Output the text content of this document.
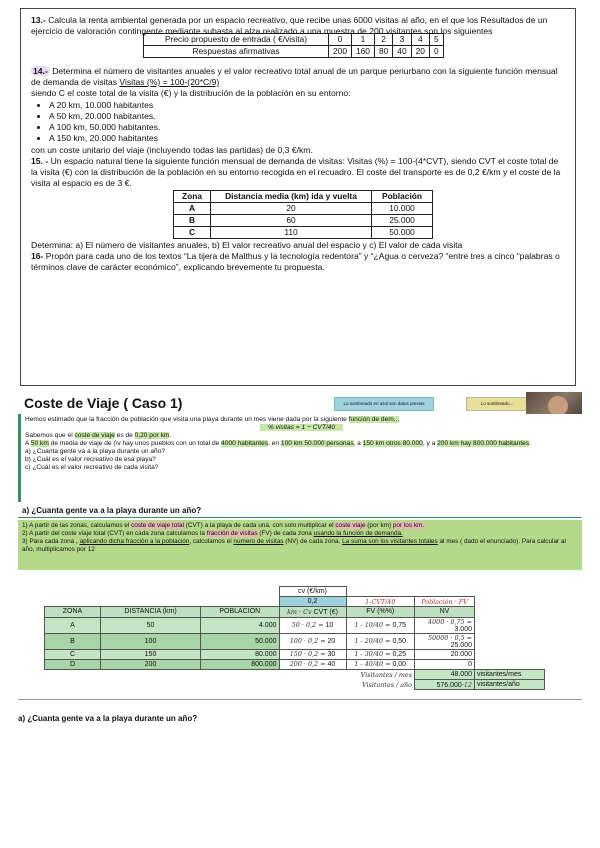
13.- Calcula la renta ambiental generada por un espacio recreativo, que recibe unas 6000 visitas al año, en el que los Resultados de un ejercicio de valoración contingente mediante subasta al alza realizado a una muestra de 200 visitantes son los siguientes

Precio propuesto de entrada ( €/visita)	0	1	2	3	4	5
Respuestas afirmativas	200	160	80	40	20	0

14.- Determina el número de visitantes anuales y el valor recreativo total anual de un parque periurbano con la siguiente función mensual de demanda de visitas Visitas (%) = 100-(20*C/9)

siendo C el coste total de la visita (€) y la distribución de la población en su entorno:

• A 20 km, 10.000 habitantes
• A 50 km, 20.000 habitantes.
• A 100 km, 50.000 habitantes.
• A 150 km, 20.000 habitantes

con un coste unitario del viaje (incluyendo todas las partidas) de 0,3 €/km.

15. - Un espacio natural tiene la siguiente función mensual de demanda de visitas: Visitas (%) = 100-(4*CVT), siendo CVT el coste total de la visita (€) con la distribución de la población en su entorno recogida en el recuadro. El coste del transporte es de 0,2 €/km y el coste de la visita al espacio es de 3 €.

Zona	Distancia media (km) ida y vuelta	Población
A	20	10.000
B	60	25.000
C	110	50.000

Determina: a) El número de visitantes anuales, b) El valor recreativo anual del espacio y c) El valor de cada visita

16- Propón para cada uno de los textos “La tijera de Malthus y la tecnología redentora” y “¿Agua o cerveza? “entre tres a cinco “palabras o términos clave de carácter económico”, explicando brevemente tu propuesta.

Coste de Viaje ( Caso 1)	Lo sombreado en azul son datos previos	Lo sombreado...

Hemos estimado que la fracción de población que visita una playa durante un mes viene dada por la siguiente función de dem...

% visitas = 1 − CVT/40

Sabemos que el coste de viaje es de 0,20 por km.

A 50 km de media de viaje de (\v hay unos pueblos con un total de 4000 habitantes, en 100 km 50.000 personas, a 150 km otros 80.000, y a 200 km hay 800.000 habitantes.

a) ¿Cuanta gente va a la playa durante un año?

b) ¿Cuál es el valor recreativo de esa playa?

c) ¿Cuál es el valor recreativo de cada visita?

a) ¿Cuanta gente va a la playa durante un año?

1) A partir de las zonas, calculamos el coste de viaje total (CVT) a la playa de cada una, con solo multiplicar el coste viaje (por km) por los km.

2) A partir del coste viaje total (CVT) en cada zona calculamos la fracción de visitas (FV) de cada zona usando la función de demanda.

3) Para cada zona , aplicando dicha fracción a la población, calculamos el numero de visitas (NV) de cada zona. La suma son los visitantes totales al mes ( dado el enunciado). Para calcular al año, multiplicamos por 12

			cv (€/km)			
			0,2	1-CVT/40	Población · FV	
ZONA	DISTANCIA (km)	POBLACION	km · Cv CVT (€)	FV (%%)	NV	
A	50	4.000	50 · 0,2 = 10	1 - 10/40 = 0,75	4000 · 0,75 = 3.000	
B	100	50.000	100 · 0,2 = 20	1 - 20/40 = 0,50	50000 · 0,5 = 25.000	
C	150	80.000	150 · 0,2 = 30	1 - 30/40 = 0,25	20.000	
D	200	800.000	200 · 0,2 = 40	1 - 40/40 = 0,00	0	
				Visitantes / mes	48.000	visitantes/mes
				Visitantes / año	576.000·12	visitantes/año
a) ¿Cuanta gente va a la playa durante un año?
